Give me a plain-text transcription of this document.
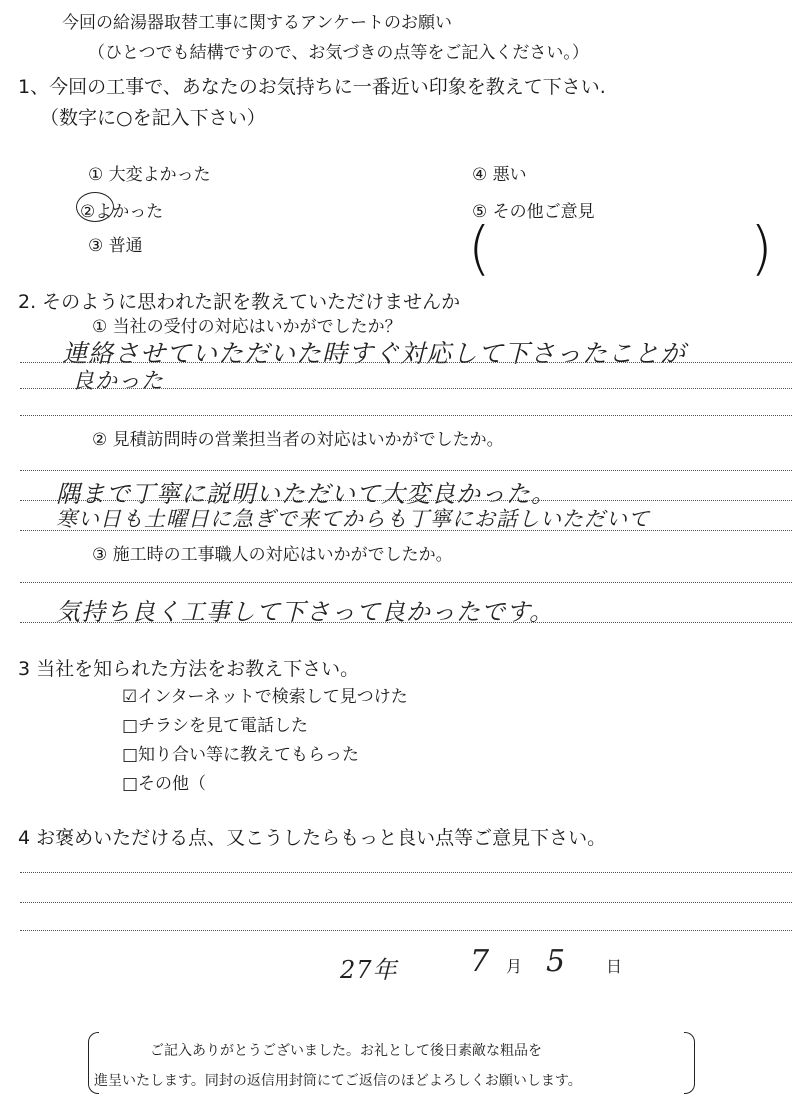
今回の給湯器取替工事に関するアンケートのお願い
（ひとつでも結構ですので、お気づきの点等をご記入ください。）
1、今回の工事で、あなたのお気持ちに一番近い印象を教えて下さい.
（数字に○を記入下さい）
① 大変よかった
②よかった
③ 普通
④ 悪い
⑤ その他ご意見
(	)
2. そのように思われた訳を教えていただけませんか
① 当社の受付の対応はいかがでしたか？
連絡させていただいた時すぐ対応して下さったことが
良かった
② 見積訪問時の営業担当者の対応はいかがでしたか。
隅まで丁寧に説明いただいて大変良かった。
寒い日も土曜日に急ぎで来てからも丁寧にお話しいただいて
③ 施工時の工事職人の対応はいかがでしたか。
気持ち良く工事して下さって良かったです。
3 当社を知られた方法をお教え下さい。
☑インターネットで検索して見つけた
□チラシを見て電話した
□知り合い等に教えてもらった
□その他（
4 お褒めいただける点、又こうしたらもっと良い点等ご意見下さい。
27年 7 月 5 日
ご記入ありがとうございました。お礼として後日素敵な粗品を
進呈いたします。同封の返信用封筒にてご返信のほどよろしくお願いします。
